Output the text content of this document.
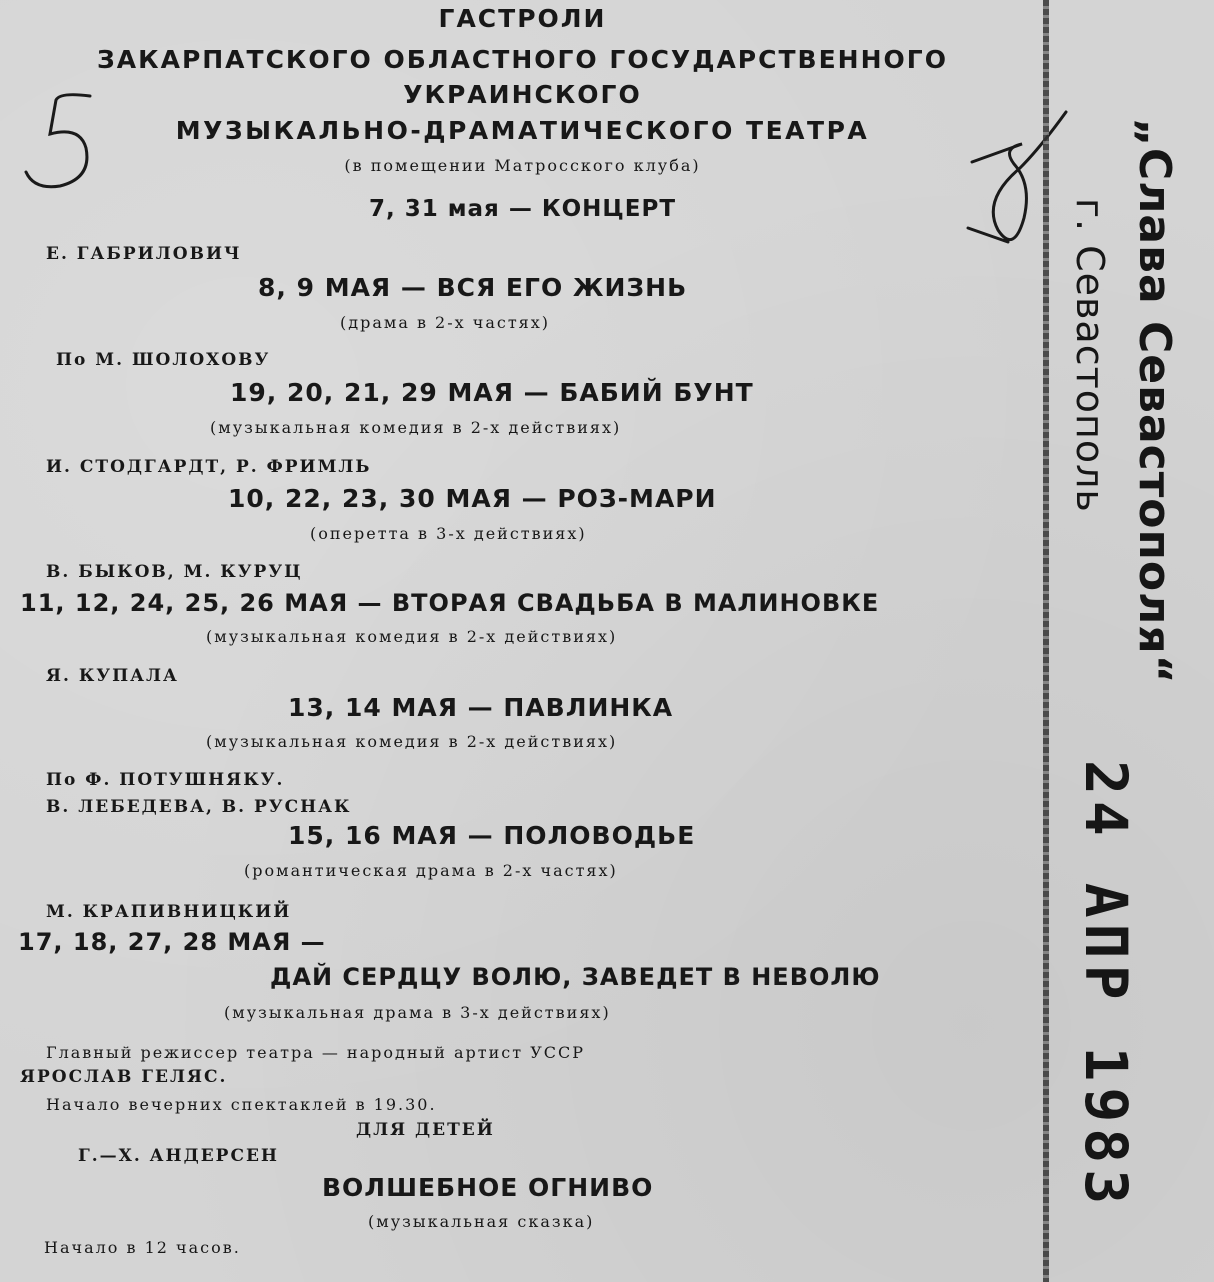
ГАСТРОЛИ
ЗАКАРПАТСКОГО ОБЛАСТНОГО ГОСУДАРСТВЕННОГО
УКРАИНСКОГО
МУЗЫКАЛЬНО-ДРАМАТИЧЕСКОГО ТЕАТРА
(в помещении Матросского клуба)
7, 31 мая — КОНЦЕРТ
Е. ГАБРИЛОВИЧ
8, 9 МАЯ — ВСЯ ЕГО ЖИЗНЬ
(драма в 2-х частях)
По М. ШОЛОХОВУ
19, 20, 21, 29 МАЯ — БАБИЙ БУНТ
(музыкальная комедия в 2-х действиях)
И. СТОДГАРДТ, Р. ФРИМЛЬ
10, 22, 23, 30 МАЯ — РОЗ-МАРИ
(оперетта в 3-х действиях)
В. БЫКОВ, М. КУРУЦ
11, 12, 24, 25, 26 МАЯ — ВТОРАЯ СВАДЬБА В МАЛИНОВКЕ
(музыкальная комедия в 2-х действиях)
Я. КУПАЛА
13, 14 МАЯ — ПАВЛИНКА
(музыкальная комедия в 2-х действиях)
По Ф. ПОТУШНЯКУ.
В. ЛЕБЕДЕВА, В. РУСНАК
15, 16 МАЯ — ПОЛОВОДЬЕ
(романтическая драма в 2-х частях)
М. КРАПИВНИЦКИЙ
17, 18, 27, 28 МАЯ —
ДАЙ СЕРДЦУ ВОЛЮ, ЗАВЕДЕТ В НЕВОЛЮ
(музыкальная драма в 3-х действиях)
Главный режиссер театра — народный артист УССР
ЯРОСЛАВ ГЕЛЯС.
Начало вечерних спектаклей в 19.30.
ДЛЯ ДЕТЕЙ
Г.—Х. АНДЕРСЕН
ВОЛШЕБНОЕ ОГНИВО
(музыкальная сказка)
Начало в 12 часов.
„Слава Севастополя“
г. Севастополь
24 АПР 1983
